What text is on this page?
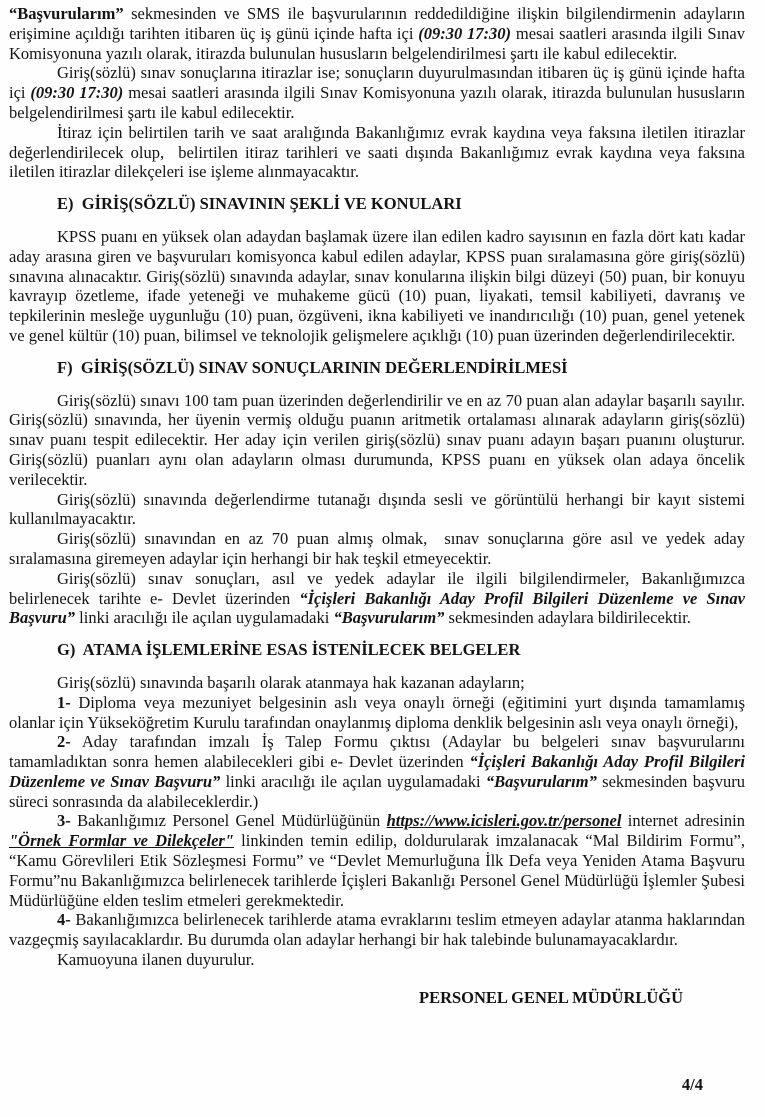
“Başvurularım” sekmesinden ve SMS ile başvurularının reddedildiğine ilişkin bilgilendirmenin adayların erişimine açıldığı tarihten itibaren üç iş günü içinde hafta içi (09:30 17:30) mesai saatleri arasında ilgili Sınav Komisyonuna yazılı olarak, itirazda bulunulan hususların belgelendirilmesi şartı ile kabul edilecektir.

Giriş(sözlü) sınav sonuçlarına itirazlar ise; sonuçların duyurulmasından itibaren üç iş günü içinde hafta içi (09:30 17:30) mesai saatleri arasında ilgili Sınav Komisyonuna yazılı olarak, itirazda bulunulan hususların belgelendirilmesi şartı ile kabul edilecektir.

İtiraz için belirtilen tarih ve saat aralığında Bakanlığımız evrak kaydına veya faksına iletilen itirazlar değerlendirilecek olup,  belirtilen itiraz tarihleri ve saati dışında Bakanlığımız evrak kaydına veya faksına iletilen itirazlar dilekçeleri ise işleme alınmayacaktır.

E)  GİRİŞ(SÖZLÜ) SINAVININ ŞEKLİ VE KONULARI

KPSS puanı en yüksek olan adaydan başlamak üzere ilan edilen kadro sayısının en fazla dört katı kadar aday arasına giren ve başvuruları komisyonca kabul edilen adaylar, KPSS puan sıralamasına göre giriş(sözlü) sınavına alınacaktır. Giriş(sözlü) sınavında adaylar, sınav konularına ilişkin bilgi düzeyi (50) puan, bir konuyu kavrayıp özetleme, ifade yeteneği ve muhakeme gücü (10) puan, liyakati, temsil kabiliyeti, davranış ve tepkilerinin mesleğe uygunluğu (10) puan, özgüveni, ikna kabiliyeti ve inandırıcılığı (10) puan, genel yetenek ve genel kültür (10) puan, bilimsel ve teknolojik gelişmelere açıklığı (10) puan üzerinden değerlendirilecektir.

F)  GİRİŞ(SÖZLÜ) SINAV SONUÇLARININ DEĞERLENDİRİLMESİ

Giriş(sözlü) sınavı 100 tam puan üzerinden değerlendirilir ve en az 70 puan alan adaylar başarılı sayılır. Giriş(sözlü) sınavında, her üyenin vermiş olduğu puanın aritmetik ortalaması alınarak adayların giriş(sözlü) sınav puanı tespit edilecektir. Her aday için verilen giriş(sözlü) sınav puanı adayın başarı puanını oluşturur. Giriş(sözlü) puanları aynı olan adayların olması durumunda, KPSS puanı en yüksek olan adaya öncelik verilecektir.

Giriş(sözlü) sınavında değerlendirme tutanağı dışında sesli ve görüntülü herhangi bir kayıt sistemi kullanılmayacaktır.

Giriş(sözlü) sınavından en az 70 puan almış olmak,  sınav sonuçlarına göre asıl ve yedek aday sıralamasına giremeyen adaylar için herhangi bir hak teşkil etmeyecektir.

Giriş(sözlü) sınav sonuçları, asıl ve yedek adaylar ile ilgili bilgilendirmeler, Bakanlığımızca belirlenecek tarihte e- Devlet üzerinden “İçişleri Bakanlığı Aday Profil Bilgileri Düzenleme ve Sınav Başvuru” linki aracılığı ile açılan uygulamadaki “Başvurularım” sekmesinden adaylara bildirilecektir.

G)  ATAMA İŞLEMLERİNE ESAS İSTENİLECEK BELGELER

Giriş(sözlü) sınavında başarılı olarak atanmaya hak kazanan adayların;

1- Diploma veya mezuniyet belgesinin aslı veya onaylı örneği (eğitimini yurt dışında tamamlamış olanlar için Yükseköğretim Kurulu tarafından onaylanmış diploma denklik belgesinin aslı veya onaylı örneği),

2- Aday tarafından imzalı İş Talep Formu çıktısı (Adaylar bu belgeleri sınav başvurularını tamamladıktan sonra hemen alabilecekleri gibi e- Devlet üzerinden “İçişleri Bakanlığı Aday Profil Bilgileri Düzenleme ve Sınav Başvuru” linki aracılığı ile açılan uygulamadaki “Başvurularım” sekmesinden başvuru süreci sonrasında da alabileceklerdir.)

3- Bakanlığımız Personel Genel Müdürlüğünün https://www.icisleri.gov.tr/personel internet adresinin "Örnek Formlar ve Dilekçeler" linkinden temin edilip, doldurularak imzalanacak “Mal Bildirim Formu”, “Kamu Görevlileri Etik Sözleşmesi Formu” ve “Devlet Memurluğuna İlk Defa veya Yeniden Atama Başvuru Formu”nu Bakanlığımızca belirlenecek tarihlerde İçişleri Bakanlığı Personel Genel Müdürlüğü İşlemler Şubesi Müdürlüğüne elden teslim etmeleri gerekmektedir.

4- Bakanlığımızca belirlenecek tarihlerde atama evraklarını teslim etmeyen adaylar atanma haklarından vazgeçmiş sayılacaklardır. Bu durumda olan adaylar herhangi bir hak talebinde bulunamayacaklardır.

Kamuoyuna ilanen duyurulur.

PERSONEL GENEL MÜDÜRLÜĞÜ
4/4
